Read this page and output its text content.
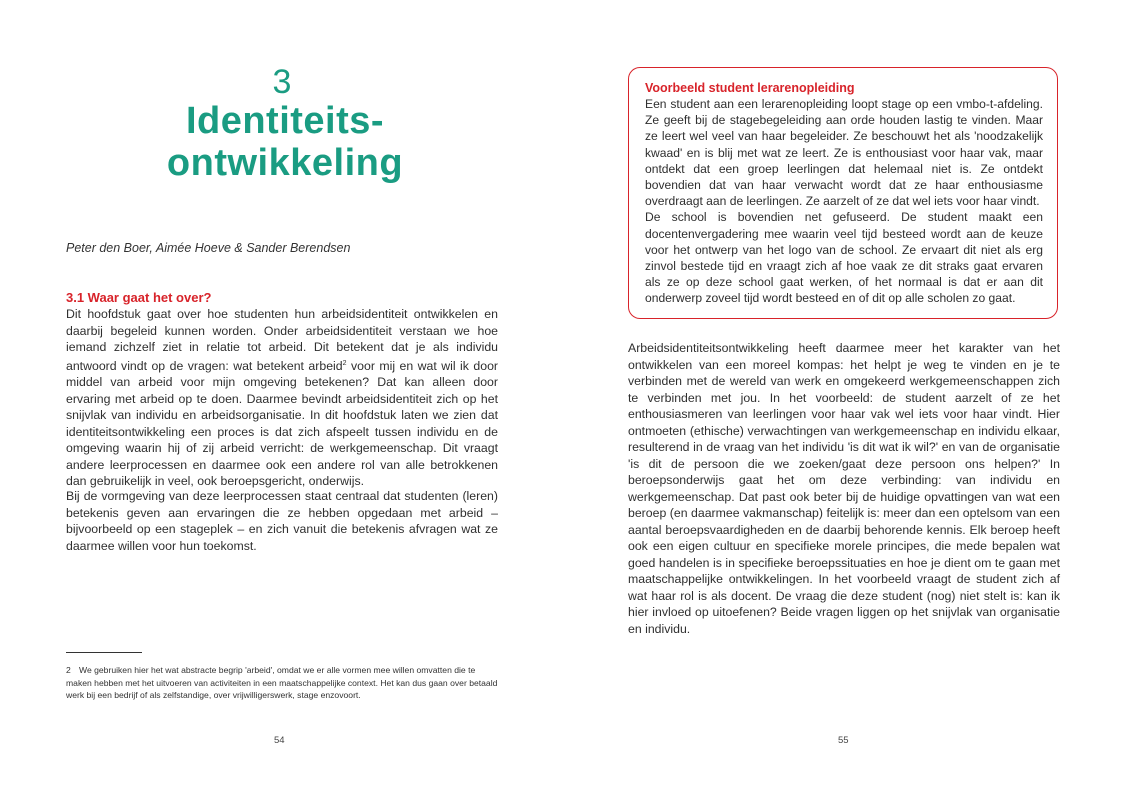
3
Identiteits-
ontwikkeling
Peter den Boer, Aimée Hoeve & Sander Berendsen
3.1 Waar gaat het over?
Dit hoofdstuk gaat over hoe studenten hun arbeidsidentiteit ontwikkelen en daarbij begeleid kunnen worden. Onder arbeidsidentiteit verstaan we hoe iemand zichzelf ziet in relatie tot arbeid. Dit betekent dat je als individu antwoord vindt op de vragen: wat betekent arbeid$^2$ voor mij en wat wil ik door middel van arbeid voor mijn omgeving betekenen? Dat kan alleen door ervaring met arbeid op te doen. Daarmee bevindt arbeidsidentiteit zich op het snijvlak van individu en arbeidsorganisatie. In dit hoofdstuk laten we zien dat identiteitsontwikkeling een proces is dat zich afspeelt tussen individu en de omgeving waarin hij of zij arbeid verricht: de werkgemeenschap. Dit vraagt andere leerprocessen en daarmee ook een andere rol van alle betrokkenen dan gebruikelijk in veel, ook beroepsgericht, onderwijs.
Bij de vormgeving van deze leerprocessen staat centraal dat studenten (leren) betekenis geven aan ervaringen die ze hebben opgedaan met arbeid – bijvoorbeeld op een stageplek – en zich vanuit die betekenis afvragen wat ze daarmee willen voor hun toekomst.
2 We gebruiken hier het wat abstracte begrip 'arbeid', omdat we er alle vormen mee willen omvatten die te maken hebben met het uitvoeren van activiteiten in een maatschappelijke context. Het kan dus gaan over betaald werk bij een bedrijf of als zelfstandige, over vrijwilligerswerk, stage enzovoort.
54
Voorbeeld student lerarenopleiding
Een student aan een lerarenopleiding loopt stage op een vmbo-t-afdeling. Ze geeft bij de stagebegeleiding aan orde houden lastig te vinden. Maar ze leert wel veel van haar begeleider. Ze beschouwt het als 'noodzakelijk kwaad' en is blij met wat ze leert. Ze is enthousiast voor haar vak, maar ontdekt dat een groep leerlingen dat helemaal niet is. Ze ontdekt bovendien dat van haar verwacht wordt dat ze haar enthousiasme overdraagt aan de leerlingen. Ze aarzelt of ze dat wel iets voor haar vindt.
De school is bovendien net gefuseerd. De student maakt een docentenvergadering mee waarin veel tijd besteed wordt aan de keuze voor het ontwerp van het logo van de school. Ze ervaart dit niet als erg zinvol bestede tijd en vraagt zich af hoe vaak ze dit straks gaat ervaren als ze op deze school gaat werken, of het normaal is dat er aan dit onderwerp zoveel tijd wordt besteed en of dit op alle scholen zo gaat.
Arbeidsidentiteitsontwikkeling heeft daarmee meer het karakter van het ontwikkelen van een moreel kompas: het helpt je weg te vinden en je te verbinden met de wereld van werk en omgekeerd werkgemeenschappen zich te verbinden met jou. In het voorbeeld: de student aarzelt of ze het enthousiasmeren van leerlingen voor haar vak wel iets voor haar vindt. Hier ontmoeten (ethische) verwachtingen van werkgemeenschap en individu elkaar, resulterend in de vraag van het individu 'is dit wat ik wil?' en van de organisatie 'is dit de persoon die we zoeken/gaat deze persoon ons helpen?' In beroepsonderwijs gaat het om deze verbinding: van individu en werkgemeenschap. Dat past ook beter bij de huidige opvattingen van wat een beroep (en daarmee vakmanschap) feitelijk is: meer dan een optelsom van een aantal beroepsvaardigheden en de daarbij behorende kennis. Elk beroep heeft ook een eigen cultuur en specifieke morele principes, die mede bepalen wat goed handelen is in specifieke beroepssituaties en hoe je dient om te gaan met maatschappelijke ontwikkelingen. In het voorbeeld vraagt de student zich af wat haar rol is als docent. De vraag die deze student (nog) niet stelt is: kan ik hier invloed op uitoefenen? Beide vragen liggen op het snijvlak van organisatie en individu.
55
